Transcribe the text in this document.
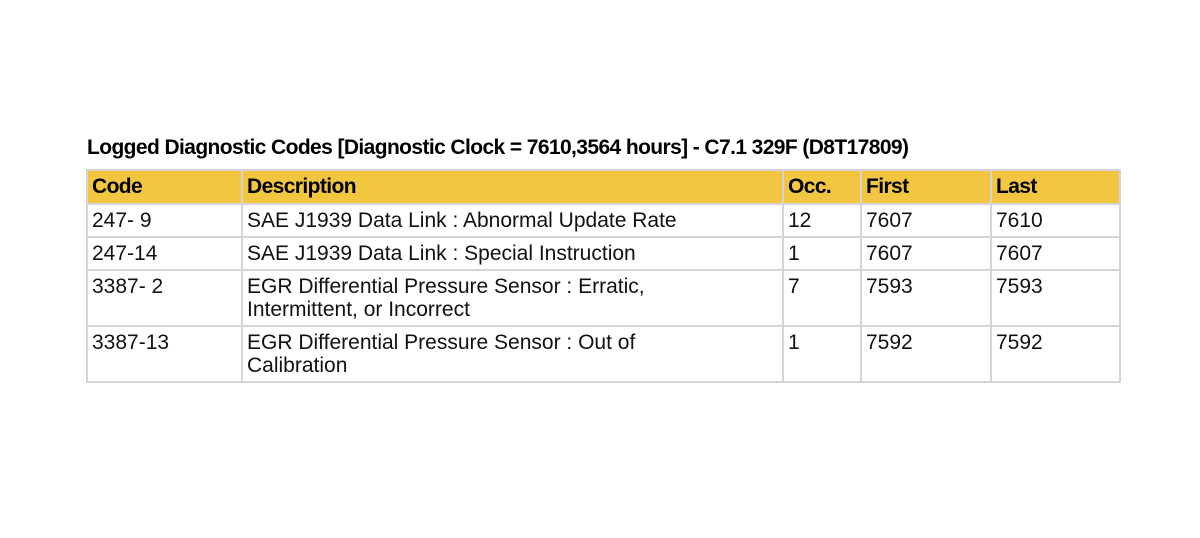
Logged Diagnostic Codes [Diagnostic Clock = 7610,3564 hours] - C7.1 329F (D8T17809)
Code	Description	Occ.	First	Last
247- 9	SAE J1939 Data Link : Abnormal Update Rate	12	7607	7610
247-14	SAE J1939 Data Link : Special Instruction	1	7607	7607
3387- 2	EGR Differential Pressure Sensor : Erratic,
Intermittent, or Incorrect	7	7593	7593
3387-13	EGR Differential Pressure Sensor : Out of
Calibration	1	7592	7592
